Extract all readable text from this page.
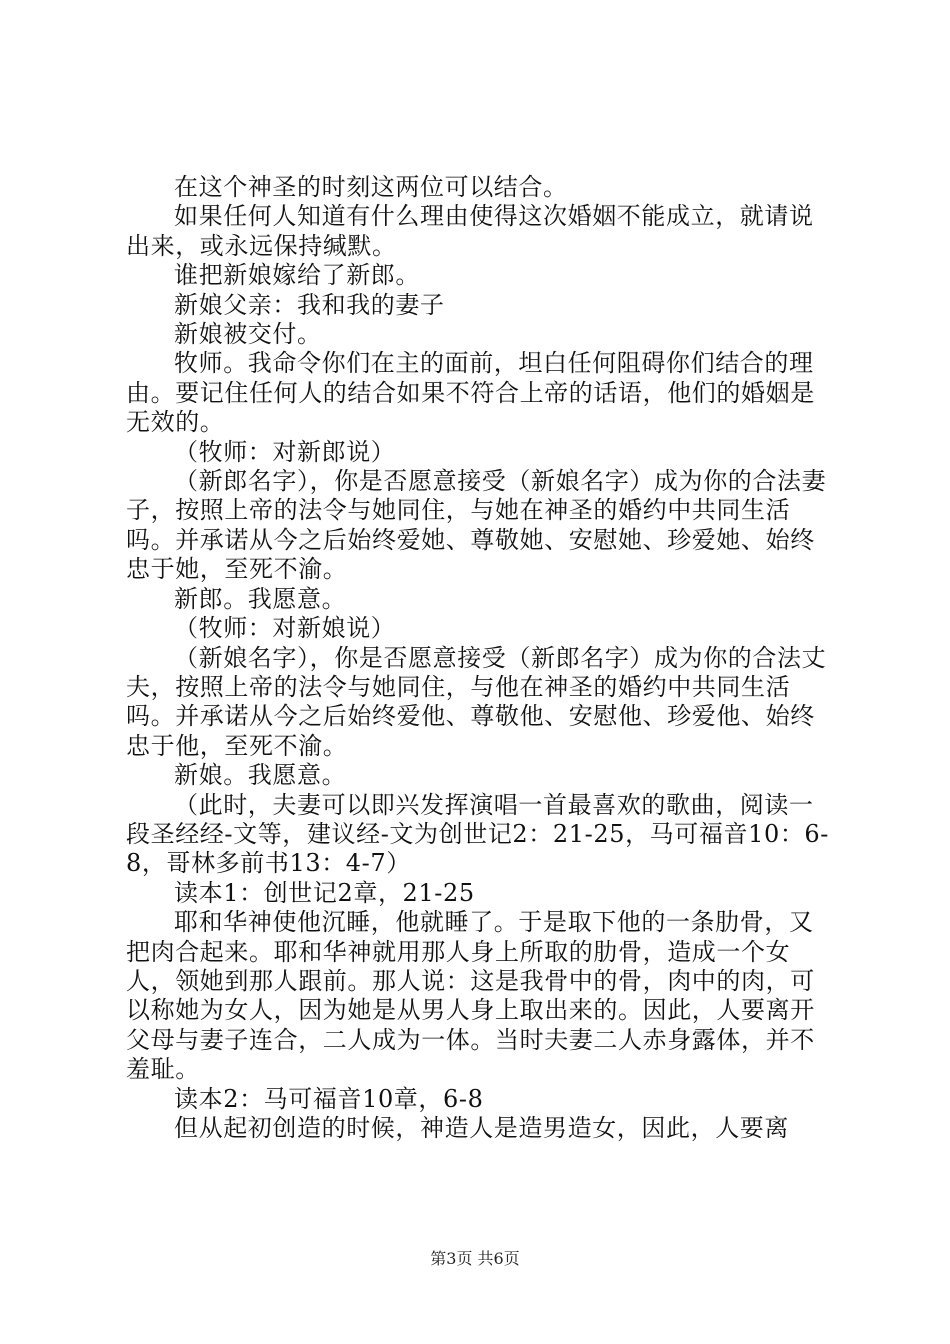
在这个神圣的时刻这两位可以结合。

如果任何人知道有什么理由使得这次婚姻不能成立，就请说出来，或永远保持缄默。

谁把新娘嫁给了新郎。

新娘父亲：我和我的妻子

新娘被交付。

牧师。我命令你们在主的面前，坦白任何阻碍你们结合的理由。要记住任何人的结合如果不符合上帝的话语，他们的婚姻是无效的。

（牧师：对新郎说）

（新郎名字），你是否愿意接受（新娘名字）成为你的合法妻子，按照上帝的法令与她同住，与她在神圣的婚约中共同生活吗。并承诺从今之后始终爱她、尊敬她、安慰她、珍爱她、始终忠于她，至死不渝。

新郎。我愿意。

（牧师：对新娘说）

（新娘名字），你是否愿意接受（新郎名字）成为你的合法丈夫，按照上帝的法令与她同住，与他在神圣的婚约中共同生活吗。并承诺从今之后始终爱他、尊敬他、安慰他、珍爱他、始终忠于他，至死不渝。

新娘。我愿意。

（此时，夫妻可以即兴发挥演唱一首最喜欢的歌曲，阅读一段圣经经-文等，建议经-文为创世记2：21-25，马可福音10：6-8，哥林多前书13：4-7）

读本1：创世记2章，21-25

耶和华神使他沉睡，他就睡了。于是取下他的一条肋骨，又把肉合起来。耶和华神就用那人身上所取的肋骨，造成一个女人，领她到那人跟前。那人说：这是我骨中的骨，肉中的肉，可以称她为女人，因为她是从男人身上取出来的。因此，人要离开父母与妻子连合，二人成为一体。当时夫妻二人赤身露体，并不羞耻。

读本2：马可福音10章，6-8

但从起初创造的时候，神造人是造男造女，因此，人要离

第3页 共6页
